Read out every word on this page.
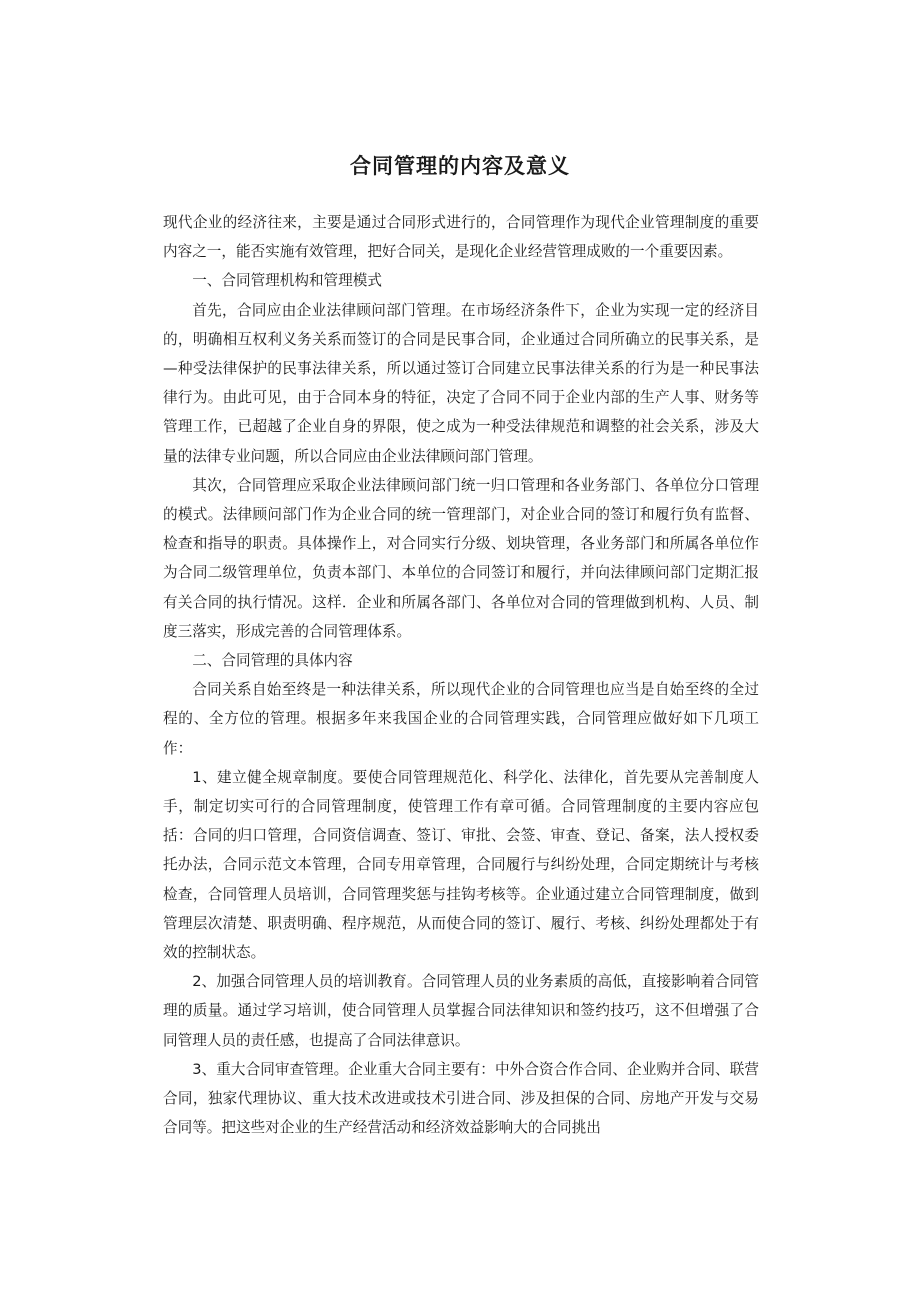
合同管理的内容及意义

现代企业的经济往来，主要是通过合同形式进行的，合同管理作为现代企业管理制度的重要内容之一，能否实施有效管理，把好合同关，是现化企业经营管理成败的一个重要因素。

一、合同管理机构和管理模式

首先，合同应由企业法律顾问部门管理。在市场经济条件下，企业为实现一定的经济目的，明确相互权利义务关系而签订的合同是民事合同，企业通过合同所确立的民事关系，是—种受法律保护的民事法律关系，所以通过签订合同建立民事法律关系的行为是一种民事法律行为。由此可见，由于合同本身的特征，决定了合同不同于企业内部的生产人事、财务等管理工作，已超越了企业自身的界限，使之成为一种受法律规范和调整的社会关系，涉及大量的法律专业问题，所以合同应由企业法律顾问部门管理。

其次，合同管理应采取企业法律顾问部门统一归口管理和各业务部门、各单位分口管理的模式。法律顾问部门作为企业合同的统一管理部门，对企业合同的签订和履行负有监督、检查和指导的职责。具体操作上，对合同实行分级、划块管理，各业务部门和所属各单位作为合同二级管理单位，负责本部门、本单位的合同签订和履行，并向法律顾问部门定期汇报有关合同的执行情况。这样．企业和所属各部门、各单位对合同的管理做到机构、人员、制度三落实，形成完善的合同管理体系。

二、合同管理的具体内容

合同关系自始至终是一种法律关系，所以现代企业的合同管理也应当是自始至终的全过程的、全方位的管理。根据多年来我国企业的合同管理实践，合同管理应做好如下几项工作：

1、建立健全规章制度。要使合同管理规范化、科学化、法律化，首先要从完善制度人手，制定切实可行的合同管理制度，使管理工作有章可循。合同管理制度的主要内容应包括：合同的归口管理，合同资信调查、签订、审批、会签、审查、登记、备案，法人授权委托办法，合同示范文本管理，合同专用章管理，合同履行与纠纷处理，合同定期统计与考核检查，合同管理人员培训，合同管理奖惩与挂钩考核等。企业通过建立合同管理制度，做到管理层次清楚、职责明确、程序规范，从而使合同的签订、履行、考核、纠纷处理都处于有效的控制状态。

2、加强合同管理人员的培训教育。合同管理人员的业务素质的高低，直接影响着合同管理的质量。通过学习培训，使合同管理人员掌握合同法律知识和签约技巧，这不但增强了合同管理人员的责任感，也提高了合同法律意识。

3、重大合同审查管理。企业重大合同主要有：中外合资合作合同、企业购并合同、联营合同，独家代理协议、重大技术改进或技术引进合同、涉及担保的合同、房地产开发与交易合同等。把这些对企业的生产经营活动和经济效益影响大的合同挑出
